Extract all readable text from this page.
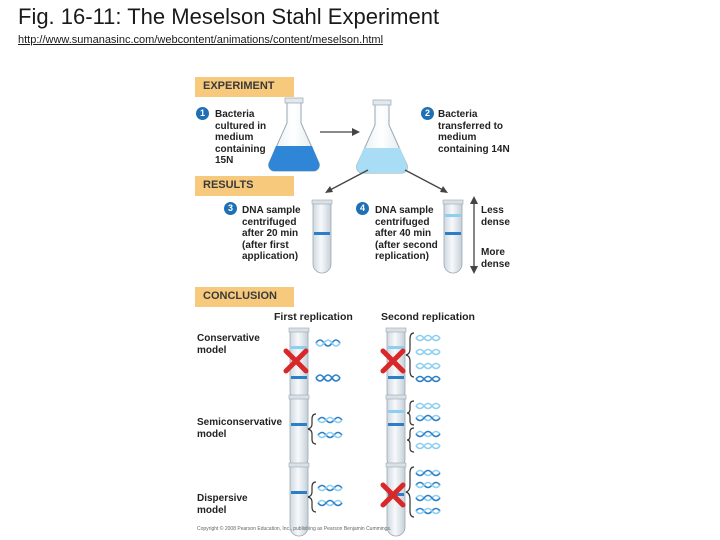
Fig. 16-11: The Meselson Stahl Experiment
http://www.sumanasinc.com/webcontent/animations/content/meselson.html
EXPERIMENT
RESULTS
CONCLUSION
1	Bacteria
cultured in
medium
containing
15N
2 Bacteria
transferred to
medium
containing 14N
3 DNA sample
centrifuged
after 20 min
(after first
application)
4	DNA sample
centrifuged
after 40 min
(after second
replication)
Less
dense
More
dense
First replication	Second replication
Conservative
model
Semiconservative
model
Dispersive
model
Copyright © 2008 Pearson Education, Inc., publishing as Pearson Benjamin Cummings.
